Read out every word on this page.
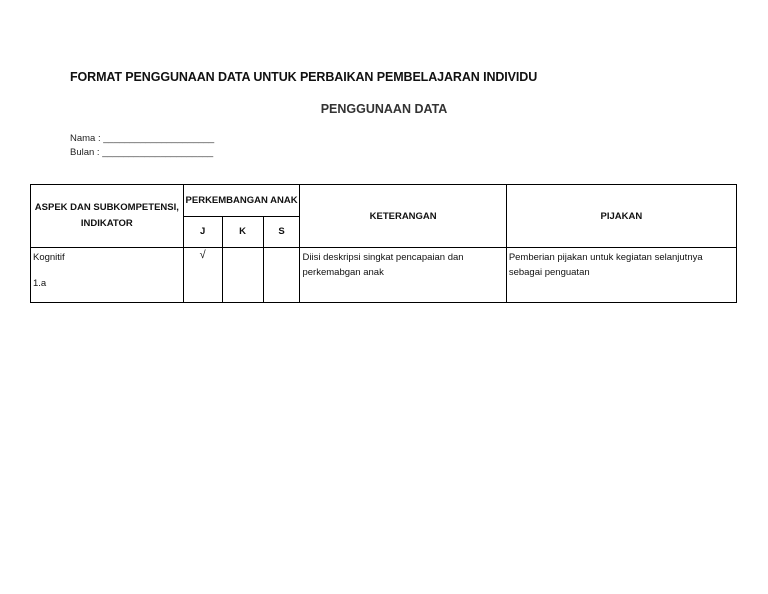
FORMAT PENGGUNAAN DATA UNTUK PERBAIKAN PEMBELAJARAN INDIVIDU
PENGGUNAAN DATA
Nama : _____________________
Bulan : _____________________
ASPEK DAN SUBKOMPETENSI,
INDIKATOR	PERKEMBANGAN ANAK			KETERANGAN	PIJAKAN
	J	K	S		

Kognitif
1.a	√			Diisi deskripsi singkat pencapaian dan perkemabgan anak	Pemberian pijakan untuk kegiatan selanjutnya sebagai penguatan
